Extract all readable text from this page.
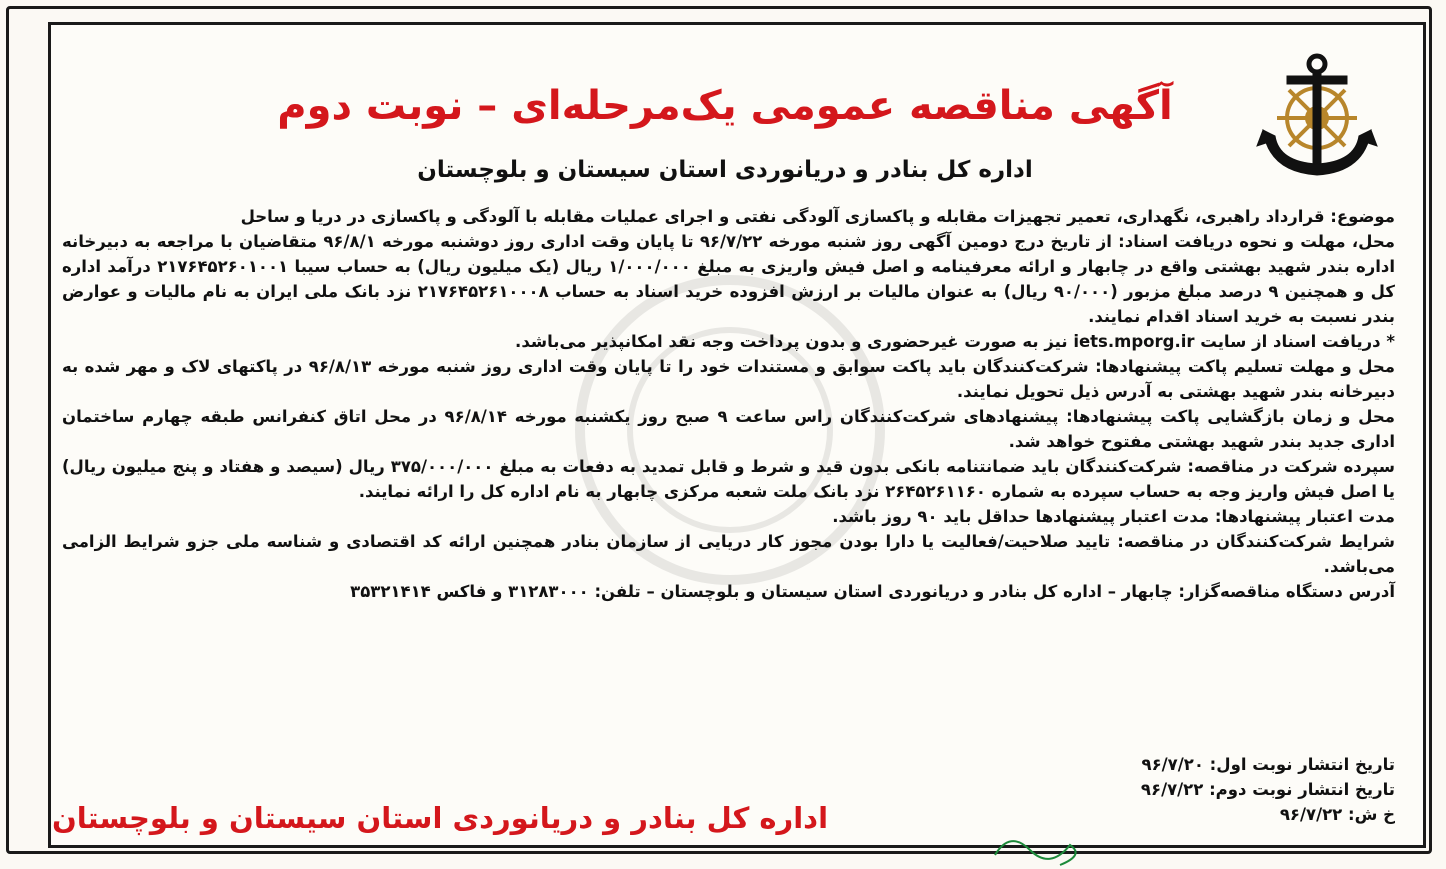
آگهی مناقصه عمومی یک‌مرحله‌ای – نوبت دوم
اداره کل بنادر و دریانوردی استان سیستان و بلوچستان

موضوع: قرارداد راهبری، نگهداری، تعمیر تجهیزات مقابله و پاکسازی آلودگی نفتی و اجرای عملیات مقابله با آلودگی و پاکسازی در دریا و ساحل

محل، مهلت و نحوه دریافت اسناد: از تاریخ درج دومین آگهی روز شنبه مورخه ۹۶/۷/۲۲ تا پایان وقت اداری روز دوشنبه مورخه ۹۶/۸/۱ متقاضیان با مراجعه به دبیرخانه اداره بندر شهید بهشتی واقع در چابهار و ارائه معرفینامه و اصل فیش واریزی به مبلغ ۱/۰۰۰/۰۰۰ ریال (یک میلیون ریال) به حساب سیبا ۲۱۷۶۴۵۲۶۰۱۰۰۱ درآمد اداره کل و همچنین ۹ درصد مبلغ مزبور (۹۰/۰۰۰ ریال) به عنوان مالیات بر ارزش افزوده خرید اسناد به حساب ۲۱۷۶۴۵۲۶۱۰۰۰۸ نزد بانک ملی ایران به نام مالیات و عوارض بندر نسبت به خرید اسناد اقدام نمایند.

* دریافت اسناد از سایت iets.mporg.ir نیز به صورت غیرحضوری و بدون پرداخت وجه نقد امکانپذیر می‌باشد.

محل و مهلت تسلیم پاکت پیشنهادها: شرکت‌کنندگان باید پاکت سوابق و مستندات خود را تا پایان وقت اداری روز شنبه مورخه ۹۶/۸/۱۳ در پاکتهای لاک و مهر شده به دبیرخانه بندر شهید بهشتی به آدرس ذیل تحویل نمایند.

محل و زمان بازگشایی پاکت پیشنهادها: پیشنهادهای شرکت‌کنندگان راس ساعت ۹ صبح روز یکشنبه مورخه ۹۶/۸/۱۴ در محل اتاق کنفرانس طبقه چهارم ساختمان اداری جدید بندر شهید بهشتی مفتوح خواهد شد.

سپرده شرکت در مناقصه: شرکت‌کنندگان باید ضمانتنامه بانکی بدون قید و شرط و قابل تمدید به دفعات به مبلغ ۳۷۵/۰۰۰/۰۰۰ ریال (سیصد و هفتاد و پنج میلیون ریال) یا اصل فیش واریز وجه به حساب سپرده به شماره ۲۶۴۵۲۶۱۱۶۰ نزد بانک ملت شعبه مرکزی چابهار به نام اداره کل را ارائه نمایند.

مدت اعتبار پیشنهادها: مدت اعتبار پیشنهادها حداقل باید ۹۰ روز باشد.

شرایط شرکت‌کنندگان در مناقصه: تایید صلاحیت/فعالیت یا دارا بودن مجوز کار دریایی از سازمان بنادر همچنین ارائه کد اقتصادی و شناسه ملی جزو شرایط الزامی می‌باشد.

آدرس دستگاه مناقصه‌گزار: چابهار – اداره کل بنادر و دریانوردی استان سیستان و بلوچستان – تلفن: ۳۱۲۸۳۰۰۰ و فاکس ۳۵۳۲۱۴۱۴

تاریخ انتشار نوبت اول: ۹۶/۷/۲۰

تاریخ انتشار نوبت دوم: ۹۶/۷/۲۲

خ ش: ۹۶/۷/۲۲

اداره کل بنادر و دریانوردی استان سیستان و بلوچستان
